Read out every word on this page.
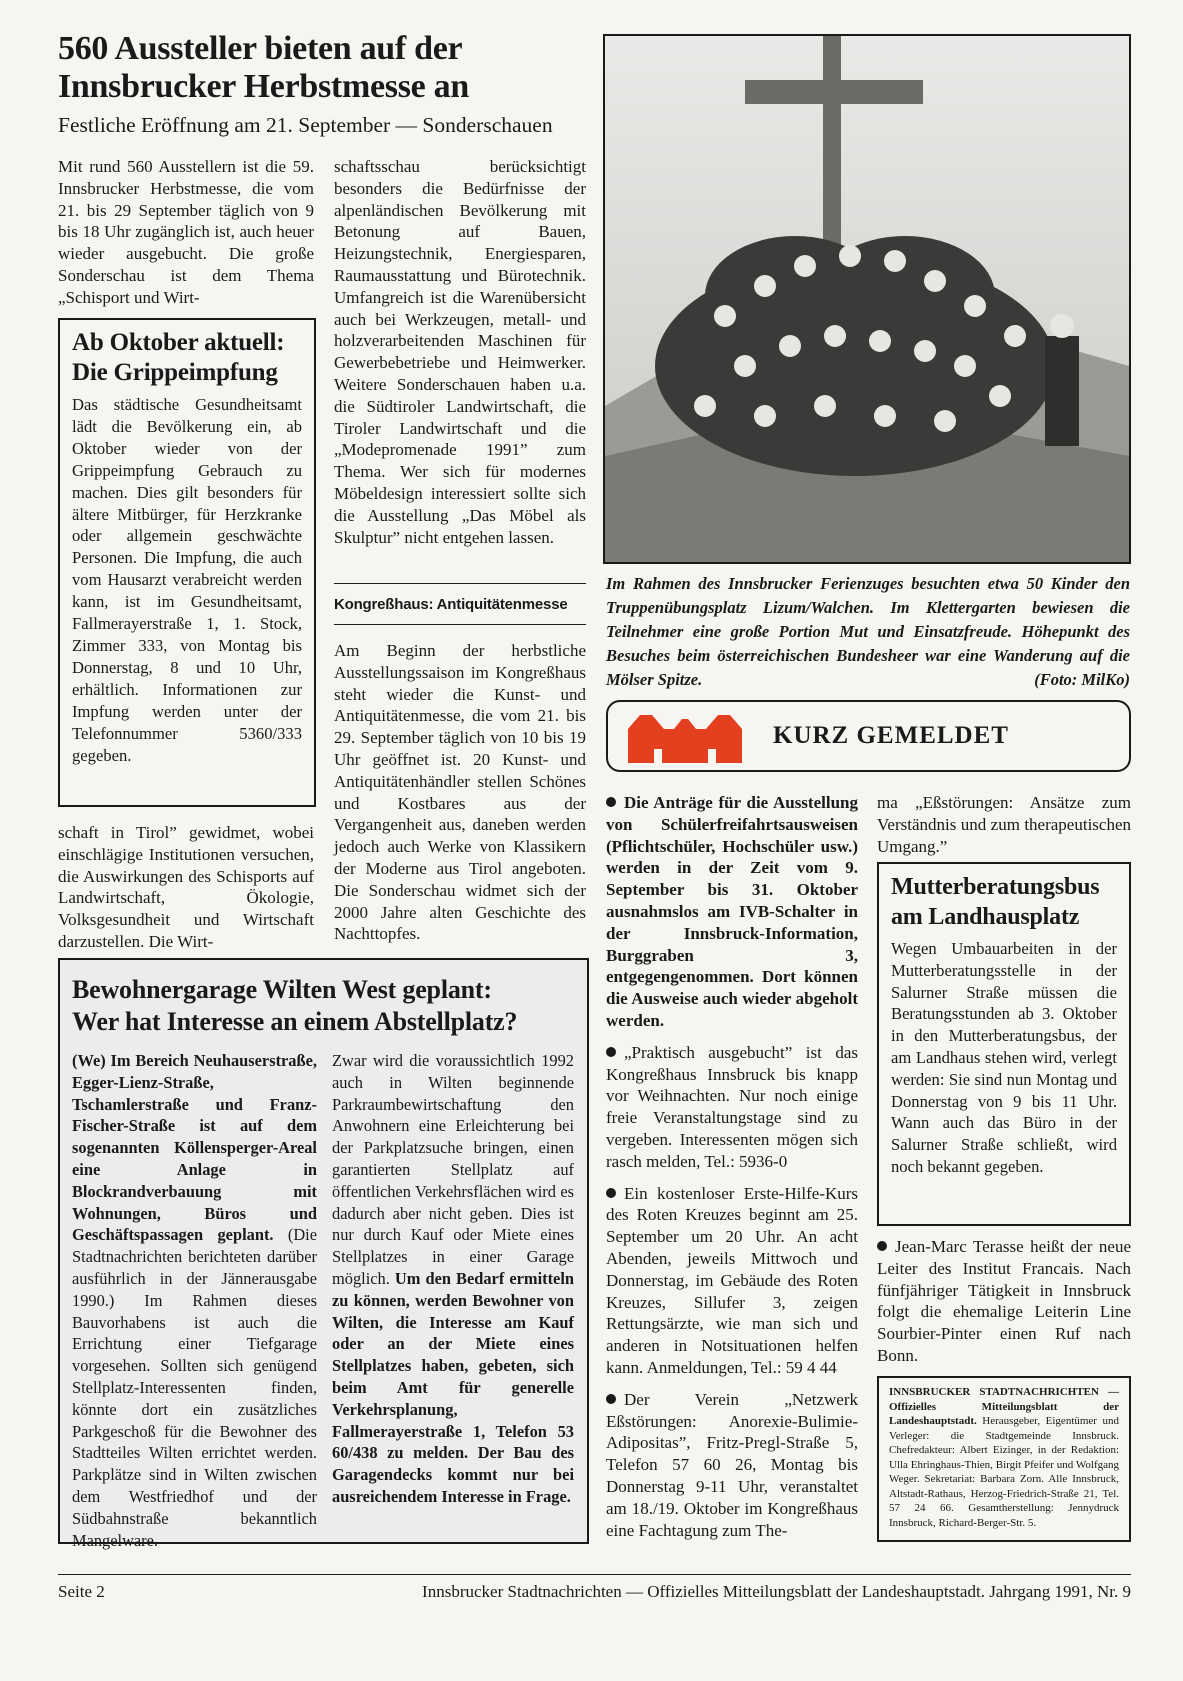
560 Aussteller bieten auf der
Innsbrucker Herbstmesse an
Festliche Eröffnung am 21. September — Sonderschauen

Mit rund 560 Ausstellern ist die 59. Innsbrucker Herbstmesse, die vom 21. bis 29 September täglich von 9 bis 18 Uhr zugänglich ist, auch heuer wieder ausgebucht. Die große Sonderschau ist dem Thema „Schisport und Wirt-

Ab Oktober aktuell:
Die Grippeimpfung
Das städtische Gesundheitsamt lädt die Bevölkerung ein, ab Oktober wieder von der Grippeimpfung Gebrauch zu machen. Dies gilt besonders für ältere Mitbürger, für Herzkranke oder allgemein geschwächte Personen. Die Impfung, die auch vom Hausarzt verabreicht werden kann, ist im Gesundheitsamt, Fallmerayerstraße 1, 1. Stock, Zimmer 333, von Montag bis Donnerstag, 8 und 10 Uhr, erhältlich. Informationen zur Impfung werden unter der Telefonnummer 5360/333 gegeben.

schaft in Tirol” gewidmet, wobei einschlägige Institutionen versuchen, die Auswirkungen des Schisports auf Landwirtschaft, Ökologie, Volksgesundheit und Wirtschaft darzustellen. Die Wirt-

schaftsschau berücksichtigt besonders die Bedürfnisse der alpenländischen Bevölkerung mit Betonung auf Bauen, Heizungstechnik, Energiesparen, Raumausstattung und Bürotechnik. Umfangreich ist die Warenübersicht auch bei Werkzeugen, metall- und holzverarbeitenden Maschinen für Gewerbebetriebe und Heimwerker. Weitere Sonderschauen haben u.a. die Südtiroler Landwirtschaft, die Tiroler Landwirtschaft und die „Modepromenade 1991” zum Thema. Wer sich für modernes Möbeldesign interessiert sollte sich die Ausstellung „Das Möbel als Skulptur” nicht entgehen lassen.

Kongreßhaus: Antiquitätenmesse

Am Beginn der herbstliche Ausstellungssaison im Kongreßhaus steht wieder die Kunst- und Antiquitätenmesse, die vom 21. bis 29. September täglich von 10 bis 19 Uhr geöffnet ist. 20 Kunst- und Antiquitätenhändler stellen Schönes und Kostbares aus der Vergangenheit aus, daneben werden jedoch auch Werke von Klassikern der Moderne aus Tirol angeboten. Die Sonderschau widmet sich der 2000 Jahre alten Geschichte des Nachttopfes.

Im Rahmen des Innsbrucker Ferienzuges besuchten etwa 50 Kinder den Truppenübungsplatz Lizum/Walchen. Im Klettergarten bewiesen die Teilnehmer eine große Portion Mut und Einsatzfreude. Höhepunkt des Besuches beim österreichischen Bundesheer war eine Wanderung auf die Mölser Spitze.	(Foto: MilKo)
KURZ GEMELDET

Die Anträge für die Ausstellung von Schülerfreifahrtsausweisen (Pflichtschüler, Hochschüler usw.) werden in der Zeit vom 9. September bis 31. Oktober ausnahmslos am IVB-Schalter in der Innsbruck-Information, Burggraben 3, entgegengenommen. Dort können die Ausweise auch wieder abgeholt werden.

„Praktisch ausgebucht” ist das Kongreßhaus Innsbruck bis knapp vor Weihnachten. Nur noch einige freie Veranstaltungstage sind zu vergeben. Interessenten mögen sich rasch melden, Tel.: 5936-0

Ein kostenloser Erste-Hilfe-Kurs des Roten Kreuzes beginnt am 25. September um 20 Uhr. An acht Abenden, jeweils Mittwoch und Donnerstag, im Gebäude des Roten Kreuzes, Sillufer 3, zeigen Rettungsärzte, wie man sich und anderen in Notsituationen helfen kann. Anmeldungen, Tel.: 59 4 44

Der Verein „Netzwerk Eßstörungen: Anorexie-Bulimie-Adipositas”, Fritz-Pregl-Straße 5, Telefon 57 60 26, Montag bis Donnerstag 9-11 Uhr, veranstaltet am 18./19. Oktober im Kongreßhaus eine Fachtagung zum The-

ma „Eßstörungen: Ansätze zum Verständnis und zum therapeutischen Umgang.”
Mutterberatungsbus
am Landhausplatz
Wegen Umbauarbeiten in der Mutterberatungsstelle in der Salurner Straße müssen die Beratungsstunden ab 3. Oktober in den Mutterberatungsbus, der am Landhaus stehen wird, verlegt werden: Sie sind nun Montag und Donnerstag von 9 bis 11 Uhr. Wann auch das Büro in der Salurner Straße schließt, wird noch bekannt gegeben.

Jean-Marc Terasse heißt der neue Leiter des Institut Francais. Nach fünfjähriger Tätigkeit in Innsbruck folgt die ehemalige Leiterin Line Sourbier-Pinter einen Ruf nach Bonn.

INNSBRUCKER STADTNACHRICHTEN — Offizielles Mitteilungsblatt der Landeshauptstadt. Herausgeber, Eigentümer und Verleger: die Stadtgemeinde Innsbruck. Chefredakteur: Albert Eizinger, in der Redaktion: Ulla Ehringhaus-Thien, Birgit Pfeifer und Wolfgang Weger. Sekretariat: Barbara Zorn. Alle Innsbruck, Altstadt-Rathaus, Herzog-Friedrich-Straße 21, Tel. 57 24 66. Gesamtherstellung: Jennydruck Innsbruck, Richard-Berger-Str. 5.
Bewohnergarage Wilten West geplant:
Wer hat Interesse an einem Abstellplatz?
(We) Im Bereich Neuhauserstraße, Egger-Lienz-Straße, Tschamlerstraße und Franz-Fischer-Straße ist auf dem sogenannten Köllensperger-Areal eine Anlage in Blockrandverbauung mit Wohnungen, Büros und Geschäftspassagen geplant. (Die Stadtnachrichten berichteten darüber ausführlich in der Jännerausgabe 1990.) Im Rahmen dieses Bauvorhabens ist auch die Errichtung einer Tiefgarage vorgesehen. Sollten sich genügend Stellplatz-Interessenten finden, könnte dort ein zusätzliches Parkgeschoß für die Bewohner des Stadtteiles Wilten errichtet werden. Parkplätze sind in Wilten zwischen dem Westfriedhof und der Südbahnstraße bekanntlich Mangelware.
Zwar wird die voraussichtlich 1992 auch in Wilten beginnende Parkraumbewirtschaftung den Anwohnern eine Erleichterung bei der Parkplatzsuche bringen, einen garantierten Stellplatz auf öffentlichen Verkehrsflächen wird es dadurch aber nicht geben. Dies ist nur durch Kauf oder Miete eines Stellplatzes in einer Garage möglich. Um den Bedarf ermitteln zu können, werden Bewohner von Wilten, die Interesse am Kauf oder an der Miete eines Stellplatzes haben, gebeten, sich beim Amt für generelle Verkehrsplanung, Fallmerayerstraße 1, Telefon 53 60/438 zu melden. Der Bau des Garagendecks kommt nur bei ausreichendem Interesse in Frage.
Seite 2	Innsbrucker Stadtnachrichten — Offizielles Mitteilungsblatt der Landeshauptstadt. Jahrgang 1991, Nr. 9
